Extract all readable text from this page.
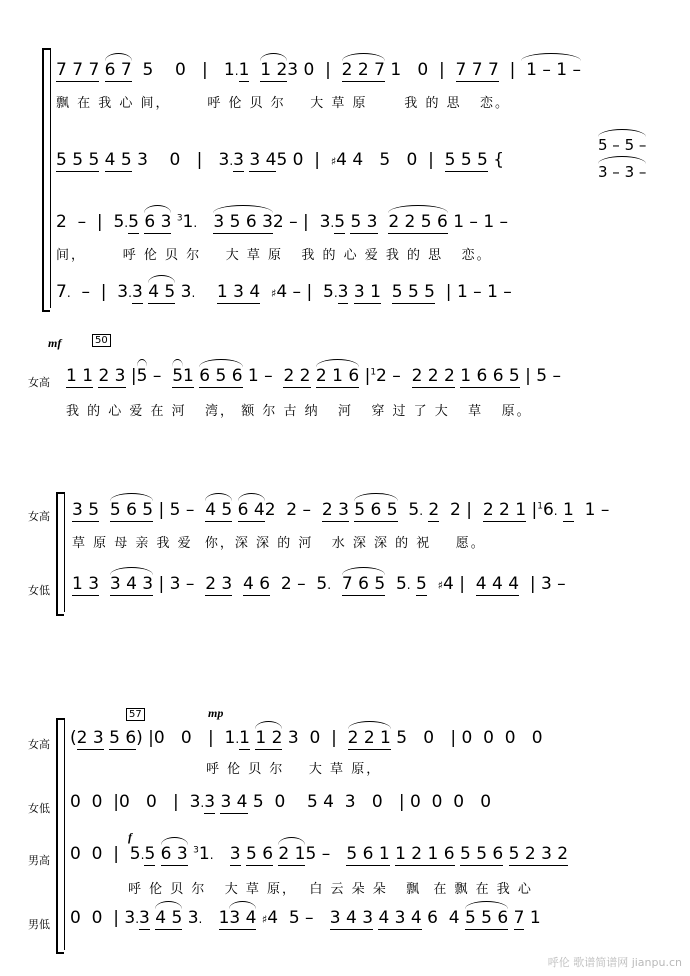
7 7 7 6 7  5    0   |   1.1 1 23 0  |
2 2 7 1   0  |  7 7 7  |
1 – 1 –
飘 在 我 心 间，      呼 伦 贝 尔    大 草 原      我 的 思   恋。
5 5 5 4 5 3    0   |   3.3 3 45 0  |  ♯4 4   5   0  |  5 5 5 {
5 – 5 –
3 – 3 –
2  –  |  5.5 6 3 $^3$1. 3 5 6 32 – |  3.5 5 3 2 2 5 6 1 – 1 –
间，      呼 伦 贝 尔    大 草 原   我 的 心 爱 我 的 思   恋。
7.  –  |  3.3 4 5 3. 1 3 4 ♯4 – |  5.3 3 1 5 5 5  | 1 – 1 –
mf	50
女高 1 1 2 3 |
5 –
51 6 5 6 1 –  2 2 2 1 6 $|^12 - 2$ 2 2 1 6 6 5 | 5 –
我 的 心 爱 在 河   湾， 额 尔 古 纳   河   穿 过 了 大   草   原。
女高 3 5 5 6 5 | 5 –
4 5 6 42  2 –  2 3 5 6 5  5. 2  2 |  2 2 1 $|^16$. 1  1 –
草 原 母 亲 我 爱  你，深 深 的 河   水 深 深 的 祝    愿。
女低 1 3 3 4 3 | 3 –  2 3 4 6  2 –  5. 7 6 5  5. 5 ♯4 |  4 4 4  | 3 –
57	mp
女高 (2 3 5 6) |0   0   |  1.1 1 2 3  0  |
2 2 1 5   0   | 0  0  0   0
呼 伦 贝 尔    大 草 原，
女低 0  0  |0   0   |  3.3 3 4 5  0    5 4  3   0   | 0  0  0   0
男高
f
0  0  |  5.5 6 3 $^3$1. 3 5 6 2 15 –   5 6 1 1 2 1 6 5 5 6 5 2 3 2
呼 伦 贝 尔   大 草 原，  白 云 朵 朵   飘  在 飘 在 我 心
男低 0  0  | 3.3 4 5 3. 1
3 4 ♯4  5 –   3 4 3 4 3 4 6  4
5 5 6 7 1
呼伦 歌谱简谱网 jianpu.cn
